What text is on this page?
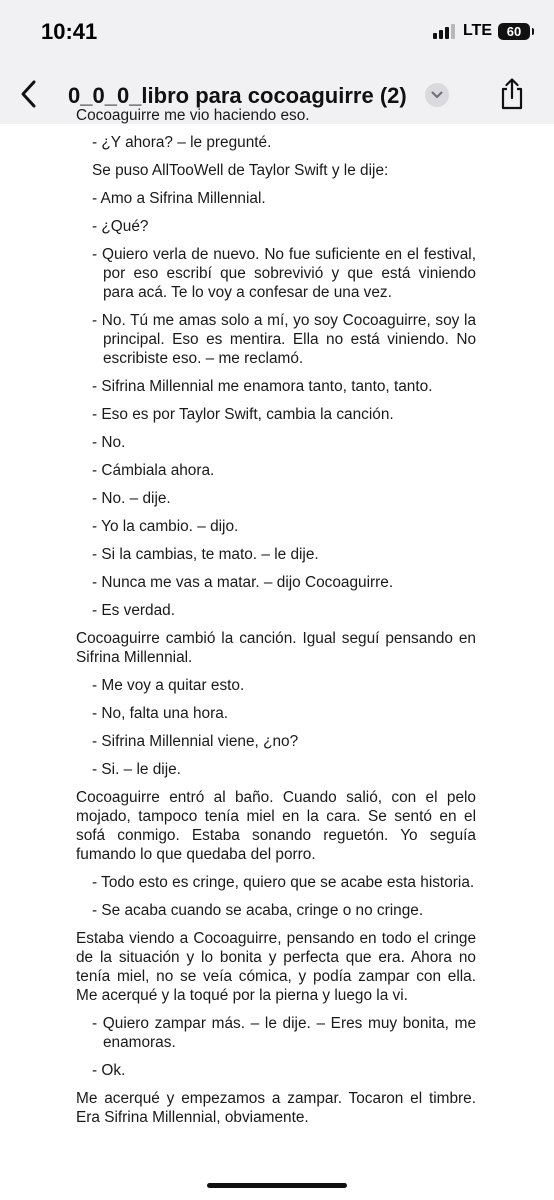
10:41	LTE 60
0_0_0_libro para cocoaguirre (2)

Cocoaguirre me vio haciendo eso.

- ¿Y ahora? – le pregunté.

Se puso AllTooWell de Taylor Swift y le dije:

- Amo a Sifrina Millennial.

- ¿Qué?

- Quiero verla de nuevo. No fue suficiente en el festival, por eso escribí que sobrevivió y que está viniendo para acá. Te lo voy a confesar de una vez.

- No. Tú me amas solo a mí, yo soy Cocoaguirre, soy la principal. Eso es mentira. Ella no está viniendo. No escribiste eso. – me reclamó.

- Sifrina Millennial me enamora tanto, tanto, tanto.

- Eso es por Taylor Swift, cambia la canción.

- No.

- Cámbiala ahora.

- No. – dije.

- Yo la cambio. – dijo.

- Si la cambias, te mato. – le dije.

- Nunca me vas a matar. – dijo Cocoaguirre.

- Es verdad.

Cocoaguirre cambió la canción. Igual seguí pensando en Sifrina Millennial.

- Me voy a quitar esto.

- No, falta una hora.

- Sifrina Millennial viene, ¿no?

- Si. – le dije.

Cocoaguirre entró al baño. Cuando salió, con el pelo mojado, tampoco tenía miel en la cara. Se sentó en el sofá conmigo. Estaba sonando reguetón. Yo seguía fumando lo que quedaba del porro.

- Todo esto es cringe, quiero que se acabe esta historia.

- Se acaba cuando se acaba, cringe o no cringe.

Estaba viendo a Cocoaguirre, pensando en todo el cringe de la situación y lo bonita y perfecta que era. Ahora no tenía miel, no se veía cómica, y podía zampar con ella. Me acerqué y la toqué por la pierna y luego la vi.

- Quiero zampar más. – le dije. – Eres muy bonita, me enamoras.

- Ok.

Me acerqué y empezamos a zampar. Tocaron el timbre. Era Sifrina Millennial, obviamente.
